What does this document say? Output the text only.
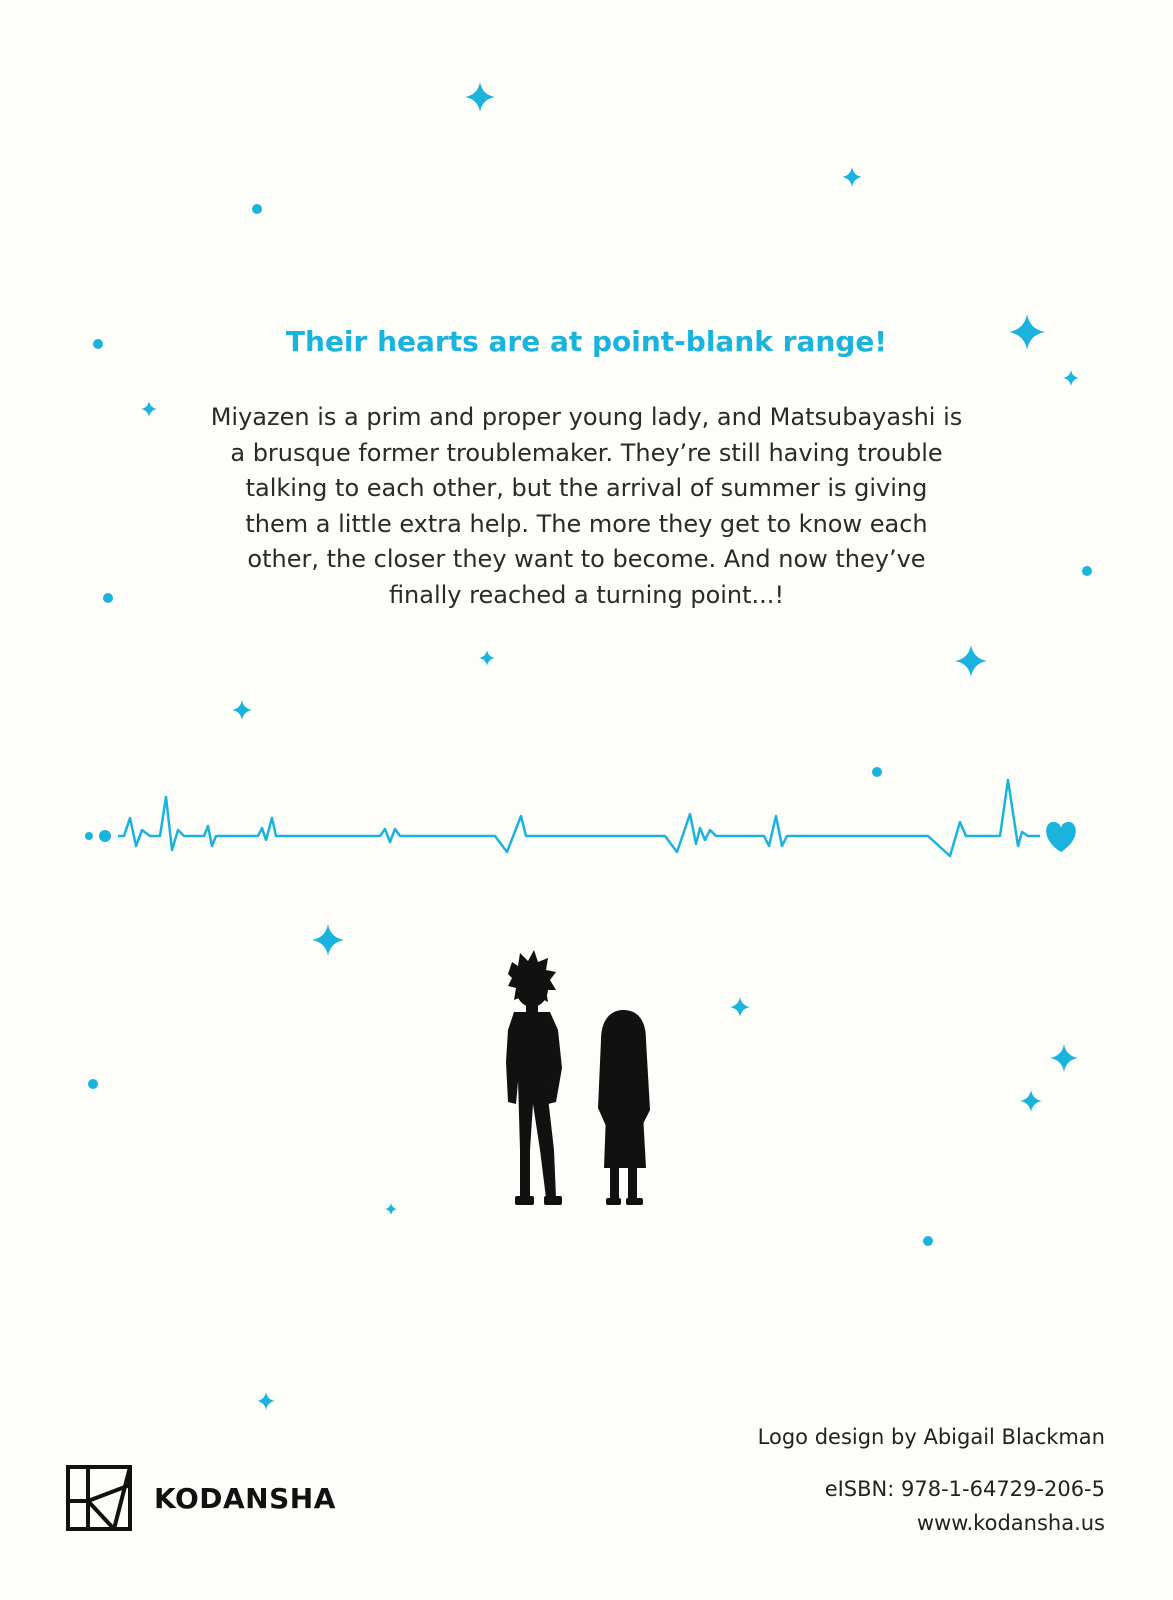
Their hearts are at point-blank range!
Miyazen is a prim and proper young lady, and Matsubayashi is
a brusque former troublemaker. They’re still having trouble
talking to each other, but the arrival of summer is giving
them a little extra help. The more they get to know each
other, the closer they want to become. And now they’ve
finally reached a turning point...!
Logo design by Abigail Blackman
eISBN: 978-1-64729-206-5
www.kodansha.us
KODANSHA
